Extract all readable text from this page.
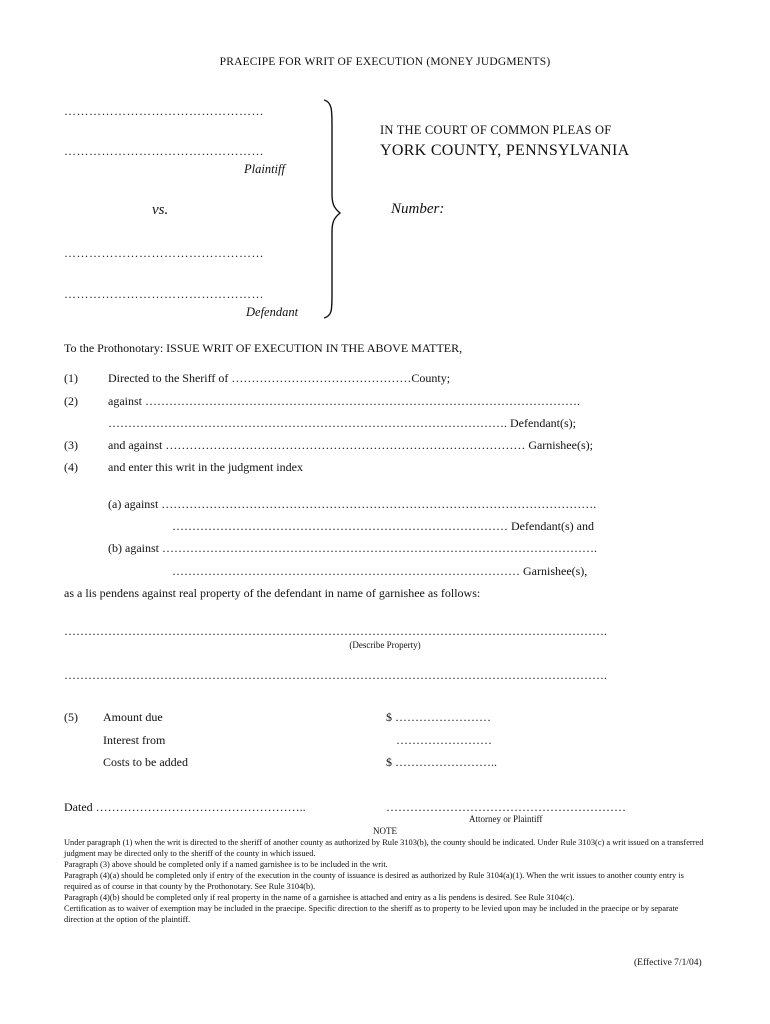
PRAECIPE FOR WRIT OF EXECUTION (MONEY JUDGMENTS)
…………………………………………
…………………………………………
Plaintiff
vs.
…………………………………………
…………………………………………
Defendant
IN THE COURT OF COMMON PLEAS OF
YORK COUNTY, PENNSYLVANIA
Number:
To the Prothonotary: ISSUE WRIT OF EXECUTION IN THE ABOVE MATTER,
(1)	Directed to the Sheriff of ………………………………………County;
(2)	against ……………………………………………………………………………………………….
………………………………………………………………………………………. Defendant(s);
(3)	and against ……………………………………………………………………………… Garnishee(s);
(4)	and enter this writ in the judgment index
(a) against ……………………………………………………………………………………………….
………………………………………………………………………… Defendant(s) and
(b) against ……………………………………………………………………………………………….
…………………………………………………………………………… Garnishee(s),
as a lis pendens against real property of the defendant in name of garnishee as follows:
……………………………………………………………………………………………………………………….
(Describe Property)
……………………………………………………………………………………………………………………….
(5) Amount due	$ ……………………
Interest from	……………………
Costs to be added	$ ……………………..
Dated ……………………………………………..	……………………………………………………
Attorney or Plaintiff
NOTE
Under paragraph (1) when the writ is directed to the sheriff of another county as authorized by Rule 3103(b), the county should be indicated. Under Rule 3103(c) a writ issued on a transferred judgment may be directed only to the sheriff of the county in which issued.
Paragraph (3) above should be completed only if a named garnishee is to be included in the writ.
Paragraph (4)(a) should be completed only if entry of the execution in the county of issuance is desired as authorized by Rule 3104(a)(1). When the writ issues to another county entry is required as of course in that county by the Prothonotary. See Rule 3104(b).
Paragraph (4)(b) should be completed only if real property in the name of a garnishee is attached and entry as a lis pendens is desired. See Rule 3104(c).
Certification as to waiver of exemption may be included in the praecipe. Specific direction to the sheriff as to property to be levied upon may be included in the praecipe or by separate direction at the option of the plaintiff.
(Effective 7/1/04)
